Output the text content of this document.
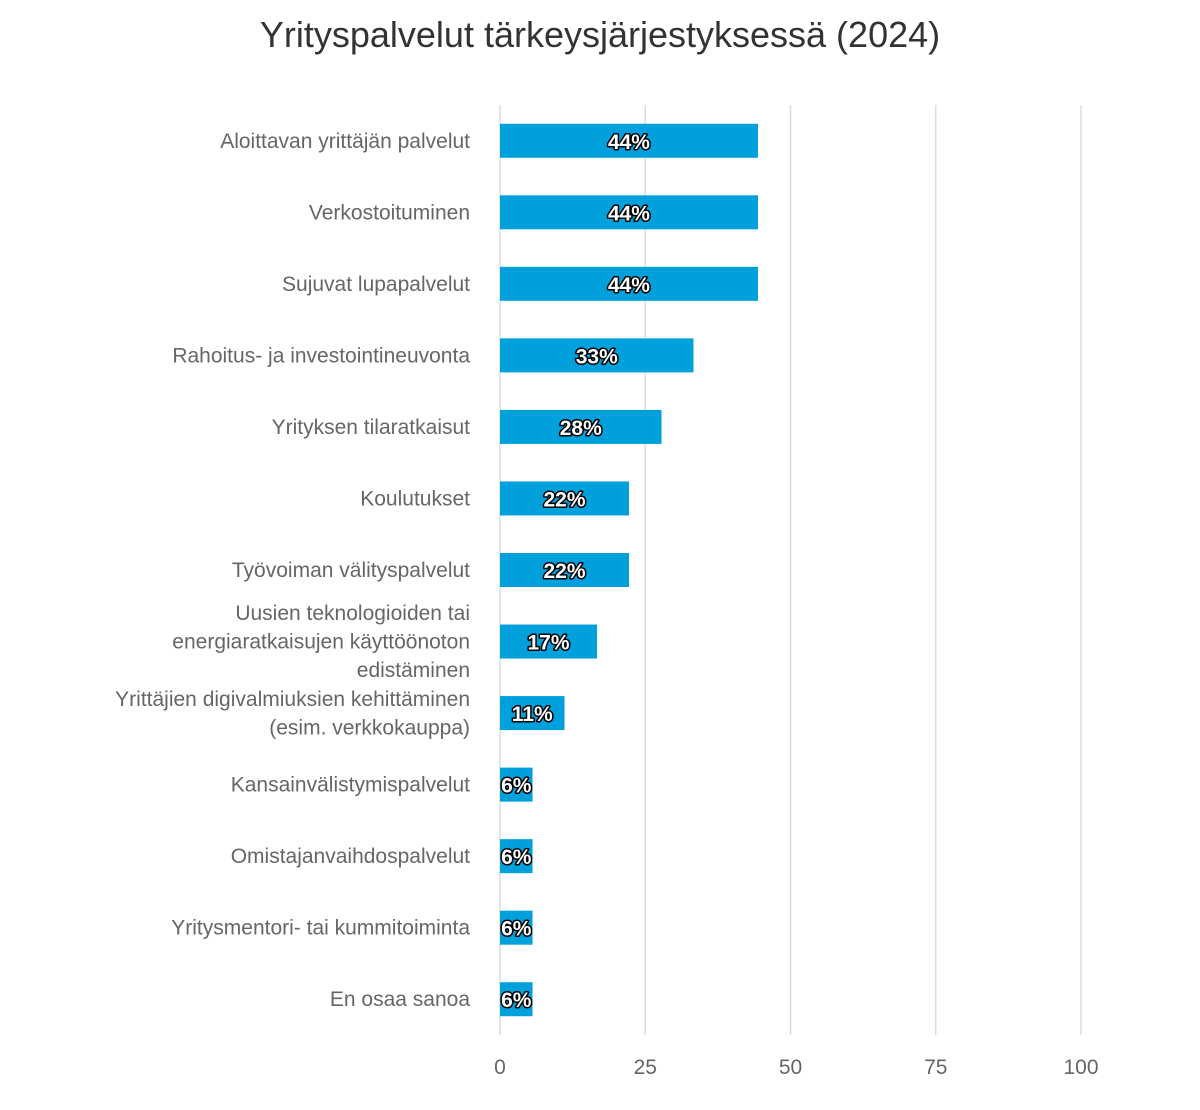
Yrityspalvelut tärkeysjärjestyksessä (2024)
Aloittavan yrittäjän palvelut
Verkostoituminen
Sujuvat lupapalvelut
Rahoitus- ja investointineuvonta
Yrityksen tilaratkaisut
Koulutukset
Työvoiman välityspalvelut
Uusien teknologioiden tai energiaratkaisujen käyttöönoton edistäminen
Yrittäjien digivalmiuksien kehittäminen (esim. verkkokauppa)
Kansainvälistymispalvelut
Omistajanvaihdospalvelut
Yritysmentori- tai kummitoiminta
En osaa sanoa
44%
44%
44%
33%
28%
22%
22%
17%
11%
6%
6%
6%
6%
0	25	50	75	100
